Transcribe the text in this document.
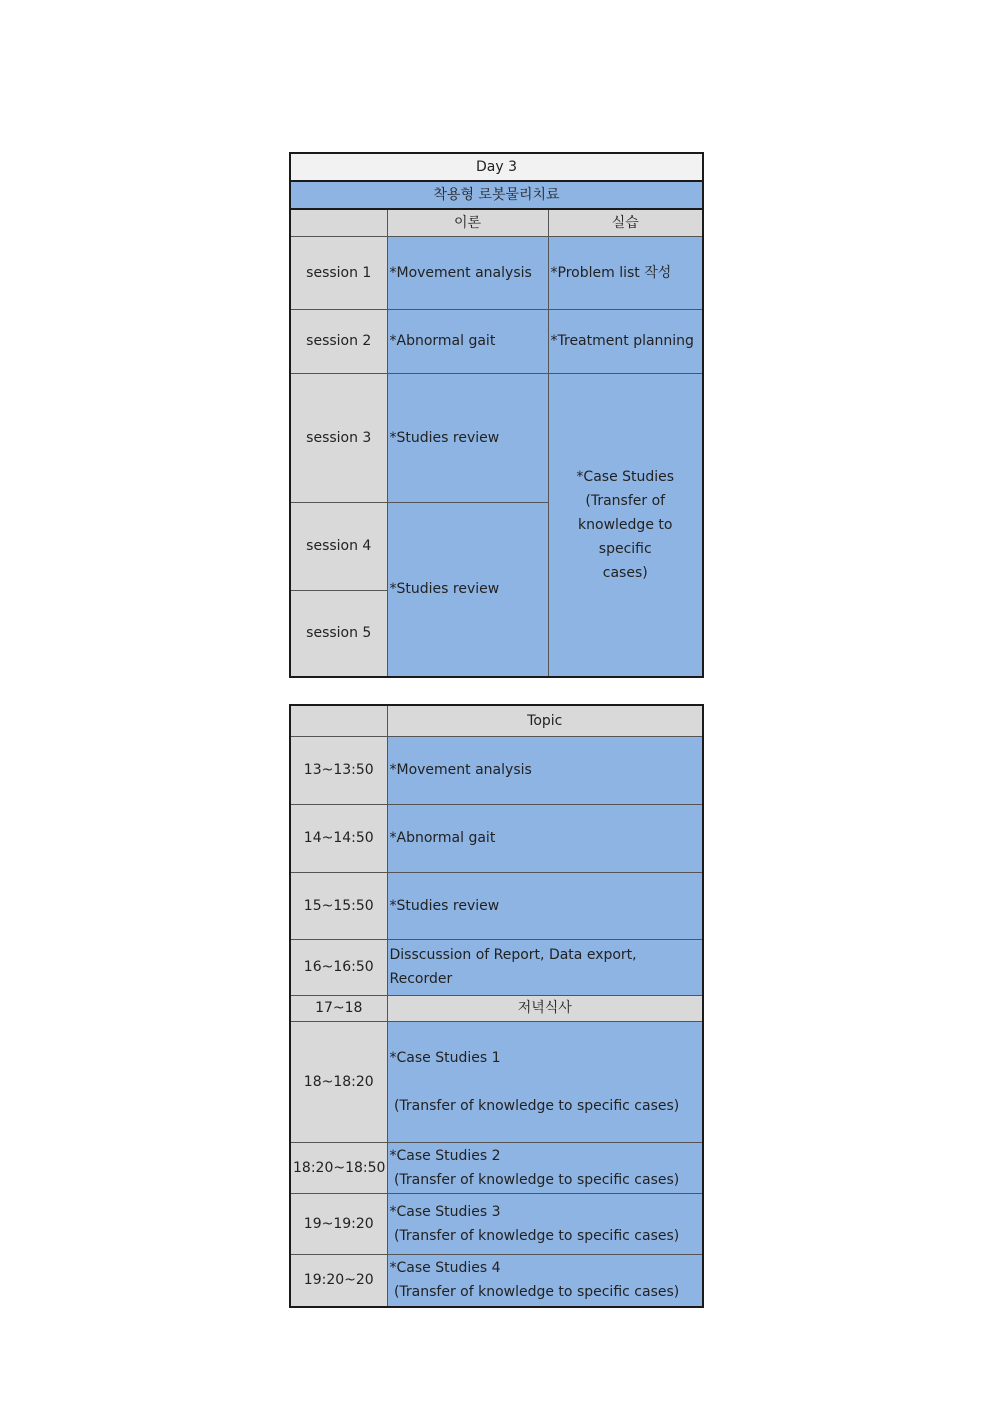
Day 3		
착용형 로봇물리치료		
	이론	실습
session 1	*Movement analysis	*Problem list 작성
session 2	*Abnormal gait	*Treatment planning
session 3	*Studies review	*Case Studies
(Transfer of
knowledge to specific
cases)

session 4	*Studies review	
session 5		
	Topic
13~13:50	*Movement analysis
14~14:50	*Abnormal gait
15~15:50	*Studies review
16~16:50	Disscussion of Report, Data export, Recorder
17~18	저녁식사
18~18:20	*Case Studies 1

(Transfer of knowledge to specific cases)

18:20~18:50	*Case Studies 2
(Transfer of knowledge to specific cases)

19~19:20	*Case Studies 3
(Transfer of knowledge to specific cases)

19:20~20	*Case Studies 4
(Transfer of knowledge to specific cases)
